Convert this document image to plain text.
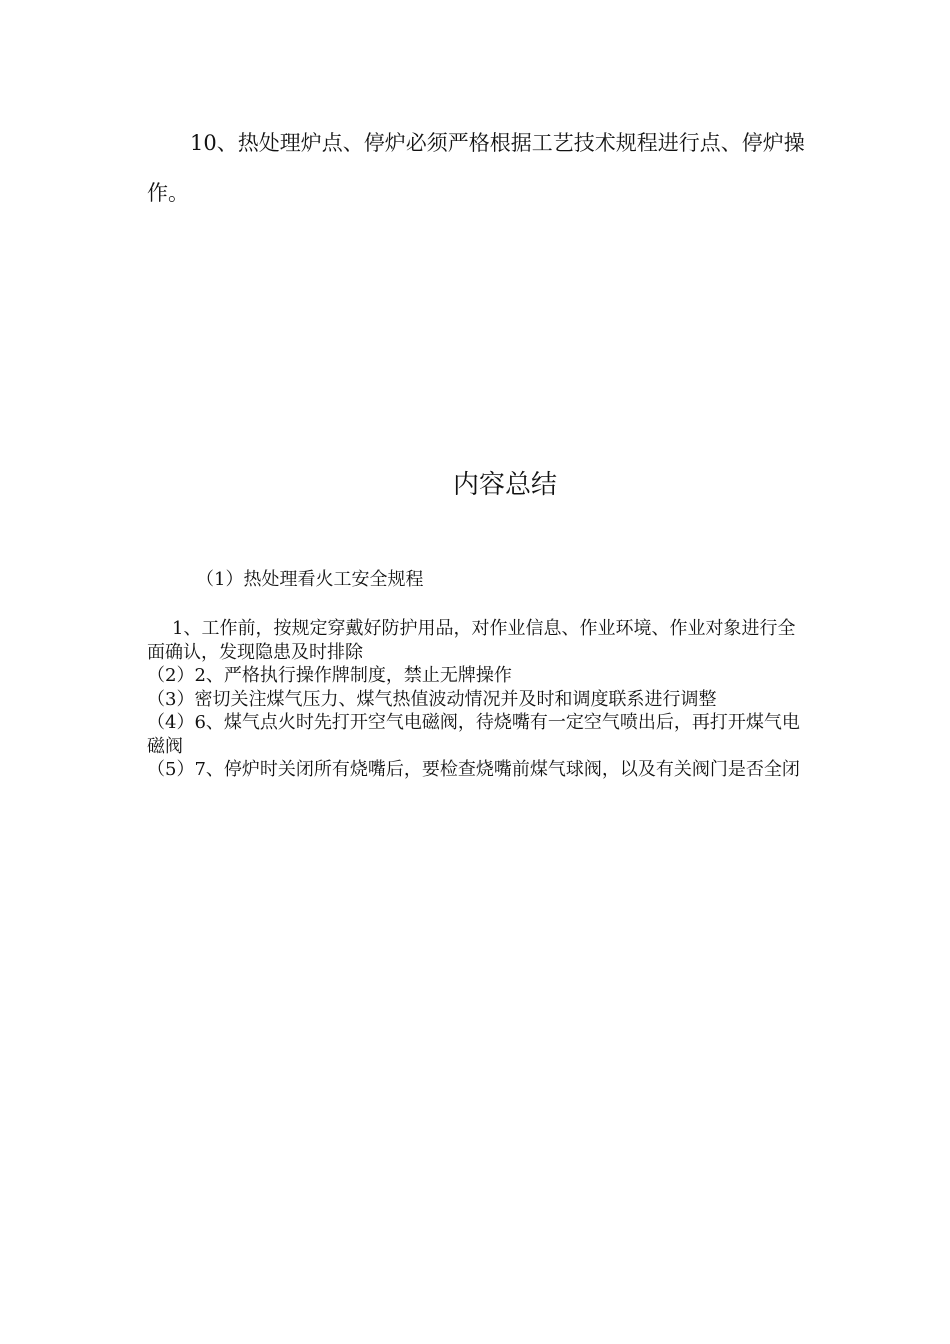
10、热处理炉点、停炉必须严格根据工艺技术规程进行点、停炉操作。

内容总结

（1）热处理看火工安全规程

1、工作前，按规定穿戴好防护用品，对作业信息、作业环境、作业对象进行全面确认，发现隐患及时排除

（2）2、严格执行操作牌制度，禁止无牌操作

（3）密切关注煤气压力、煤气热值波动情况并及时和调度联系进行调整

（4）6、煤气点火时先打开空气电磁阀，待烧嘴有一定空气喷出后，再打开煤气电磁阀

（5）7、停炉时关闭所有烧嘴后，要检查烧嘴前煤气球阀，以及有关阀门是否全闭
